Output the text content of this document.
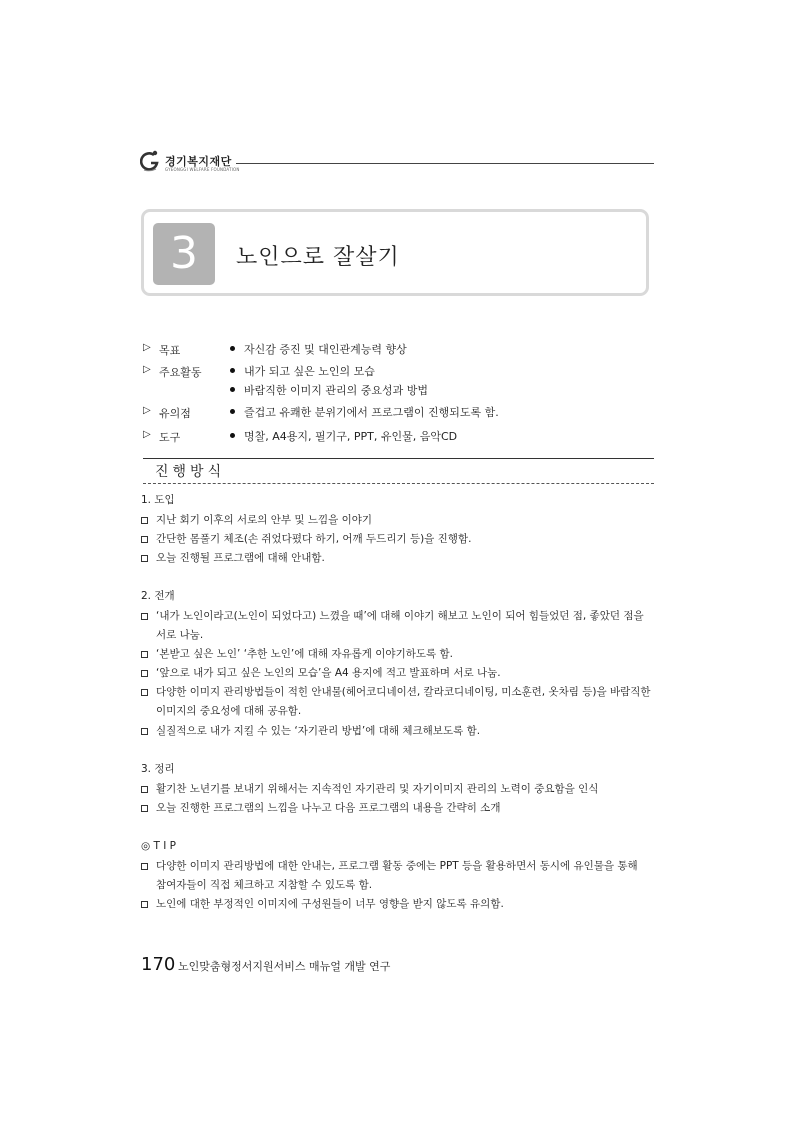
경기복지재단
GYEONGGI WELFARE FOUNDATION
3	노인으로 잘살기
▷ 목표	자신감 증진 및 대인관계능력 향상
▷ 주요활동	내가 되고 싶은 노인의 모습
바람직한 이미지 관리의 중요성과 방법
▷ 유의점	즐겁고 유쾌한 분위기에서 프로그램이 진행되도록 함.
▷ 도구	명찰, A4용지, 필기구, PPT, 유인물, 음악CD
진행방식
1. 도입
지난 회기 이후의 서로의 안부 및 느낌을 이야기
간단한 몸풀기 체조(손 쥐었다폈다 하기, 어깨 두드리기 등)을 진행함.
오늘 진행될 프로그램에 대해 안내함.
2. 전개
‘내가 노인이라고(노인이 되었다고) 느꼈을 때’에 대해 이야기 해보고 노인이 되어 힘들었던 점, 좋았던 점을
서로 나눔.
‘본받고 싶은 노인’ ‘추한 노인’에 대해 자유롭게 이야기하도록 함.
‘앞으로 내가 되고 싶은 노인의 모습’을 A4 용지에 적고 발표하며 서로 나눔.
다양한 이미지 관리방법들이 적힌 안내물(헤어코디네이션, 칼라코디네이팅, 미소훈련, 옷차림 등)을 바람직한
이미지의 중요성에 대해 공유함.
실질적으로 내가 지킬 수 있는 ‘자기관리 방법’에 대해 체크해보도록 함.
3. 정리
활기찬 노년기를 보내기 위해서는 지속적인 자기관리 및 자기이미지 관리의 노력이 중요함을 인식
오늘 진행한 프로그램의 느낌을 나누고 다음 프로그램의 내용을 간략히 소개
◎ T I P
다양한 이미지 관리방법에 대한 안내는, 프로그램 활동 중에는 PPT 등을 활용하면서 동시에 유인물을 통해
참여자들이 직접 체크하고 지참할 수 있도록 함.
노인에 대한 부정적인 이미지에 구성원들이 너무 영향을 받지 않도록 유의함.
170 노인맞춤형정서지원서비스 매뉴얼 개발 연구
